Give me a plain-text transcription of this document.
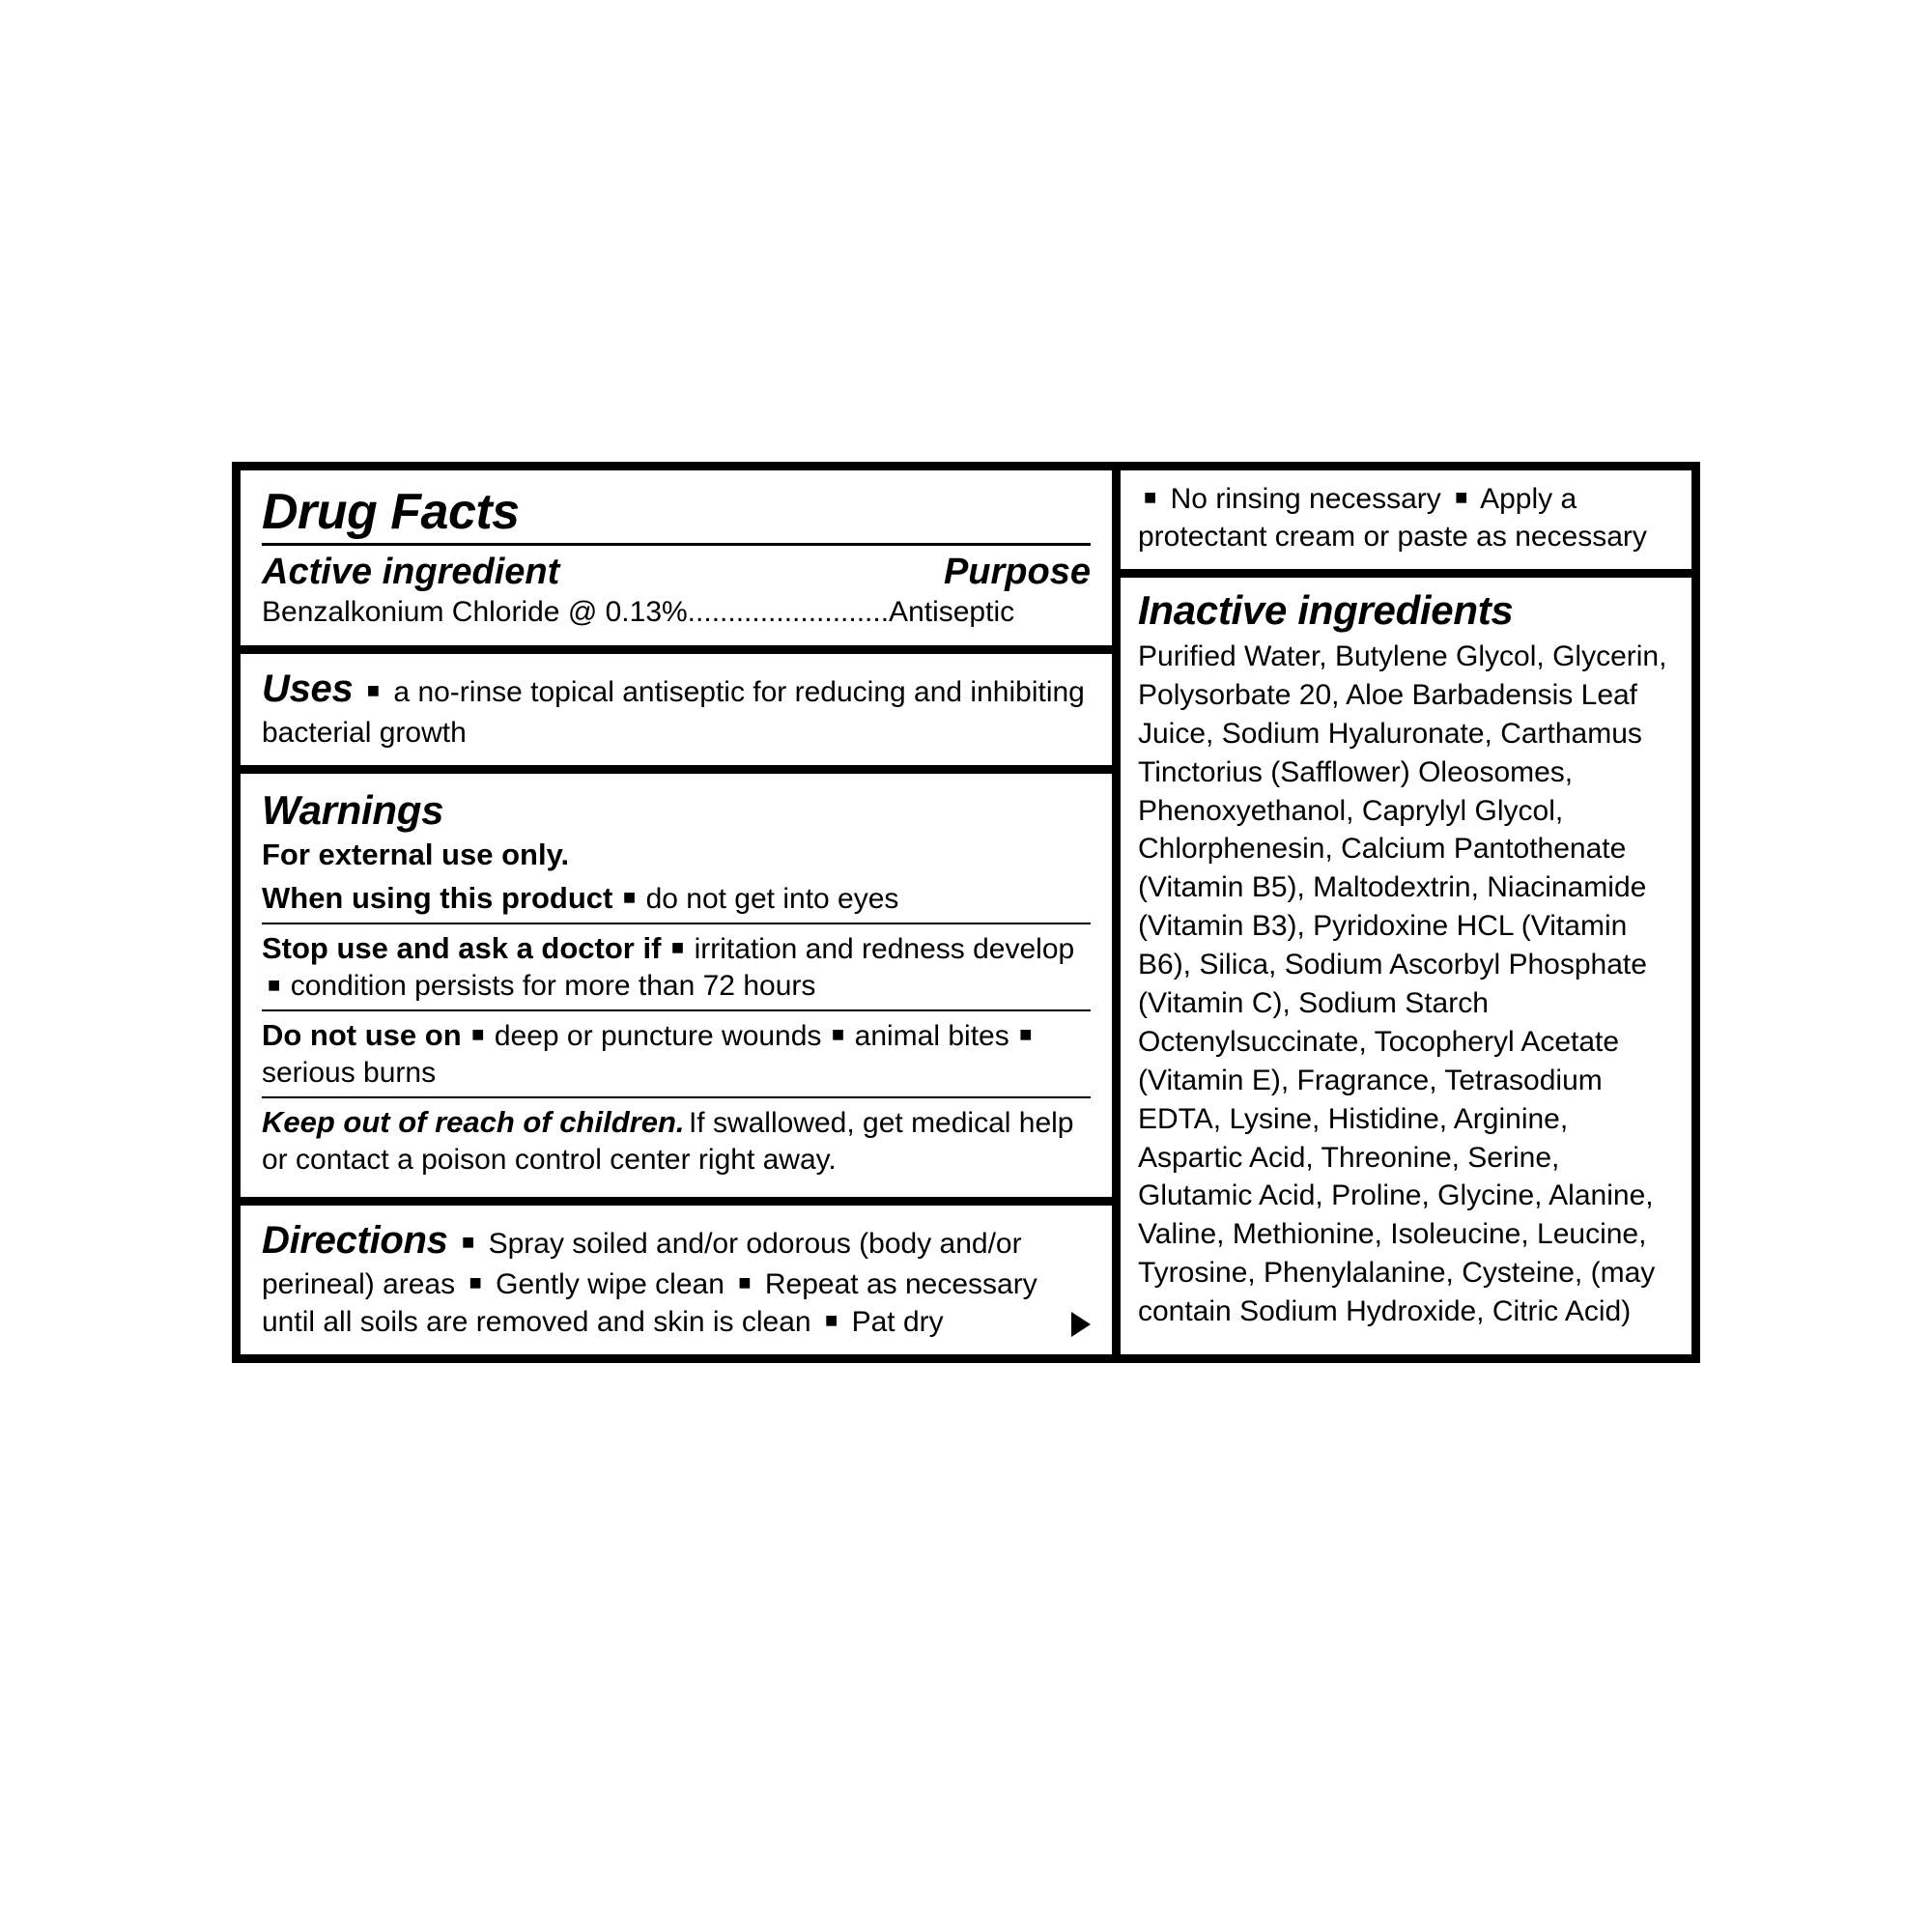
Drug Facts
Active ingredient	Purpose
Benzalkonium Chloride @ 0.13%.........................Antiseptic
Uses ■ a no-rinse topical antiseptic for reducing and inhibiting bacterial growth
Warnings
For external use only.
When using this product ■ do not get into eyes
Stop use and ask a doctor if ■ irritation and redness develop ■ condition persists for more than 72 hours
Do not use on ■ deep or puncture wounds ■ animal bites ■ serious burns
Keep out of reach of children. If swallowed, get medical help or contact a poison control center right away.
Directions ■ Spray soiled and/or odorous (body and/or perineal) areas ■ Gently wipe clean ■ Repeat as necessary until all soils are removed and skin is clean ■ Pat dry
■ No rinsing necessary ■ Apply a protectant cream or paste as necessary
Inactive ingredients
Purified Water, Butylene Glycol, Glycerin, Polysorbate 20, Aloe Barbadensis Leaf Juice, Sodium Hyaluronate, Carthamus Tinctorius (Safflower) Oleosomes, Phenoxyethanol, Caprylyl Glycol, Chlorphenesin, Calcium Pantothenate (Vitamin B5), Maltodextrin, Niacinamide (Vitamin B3), Pyridoxine HCL (Vitamin B6), Silica, Sodium Ascorbyl Phosphate (Vitamin C), Sodium Starch Octenylsuccinate, Tocopheryl Acetate (Vitamin E), Fragrance, Tetrasodium EDTA, Lysine, Histidine, Arginine, Aspartic Acid, Threonine, Serine, Glutamic Acid, Proline, Glycine, Alanine, Valine, Methionine, Isoleucine, Leucine, Tyrosine, Phenylalanine, Cysteine, (may contain Sodium Hydroxide, Citric Acid)
